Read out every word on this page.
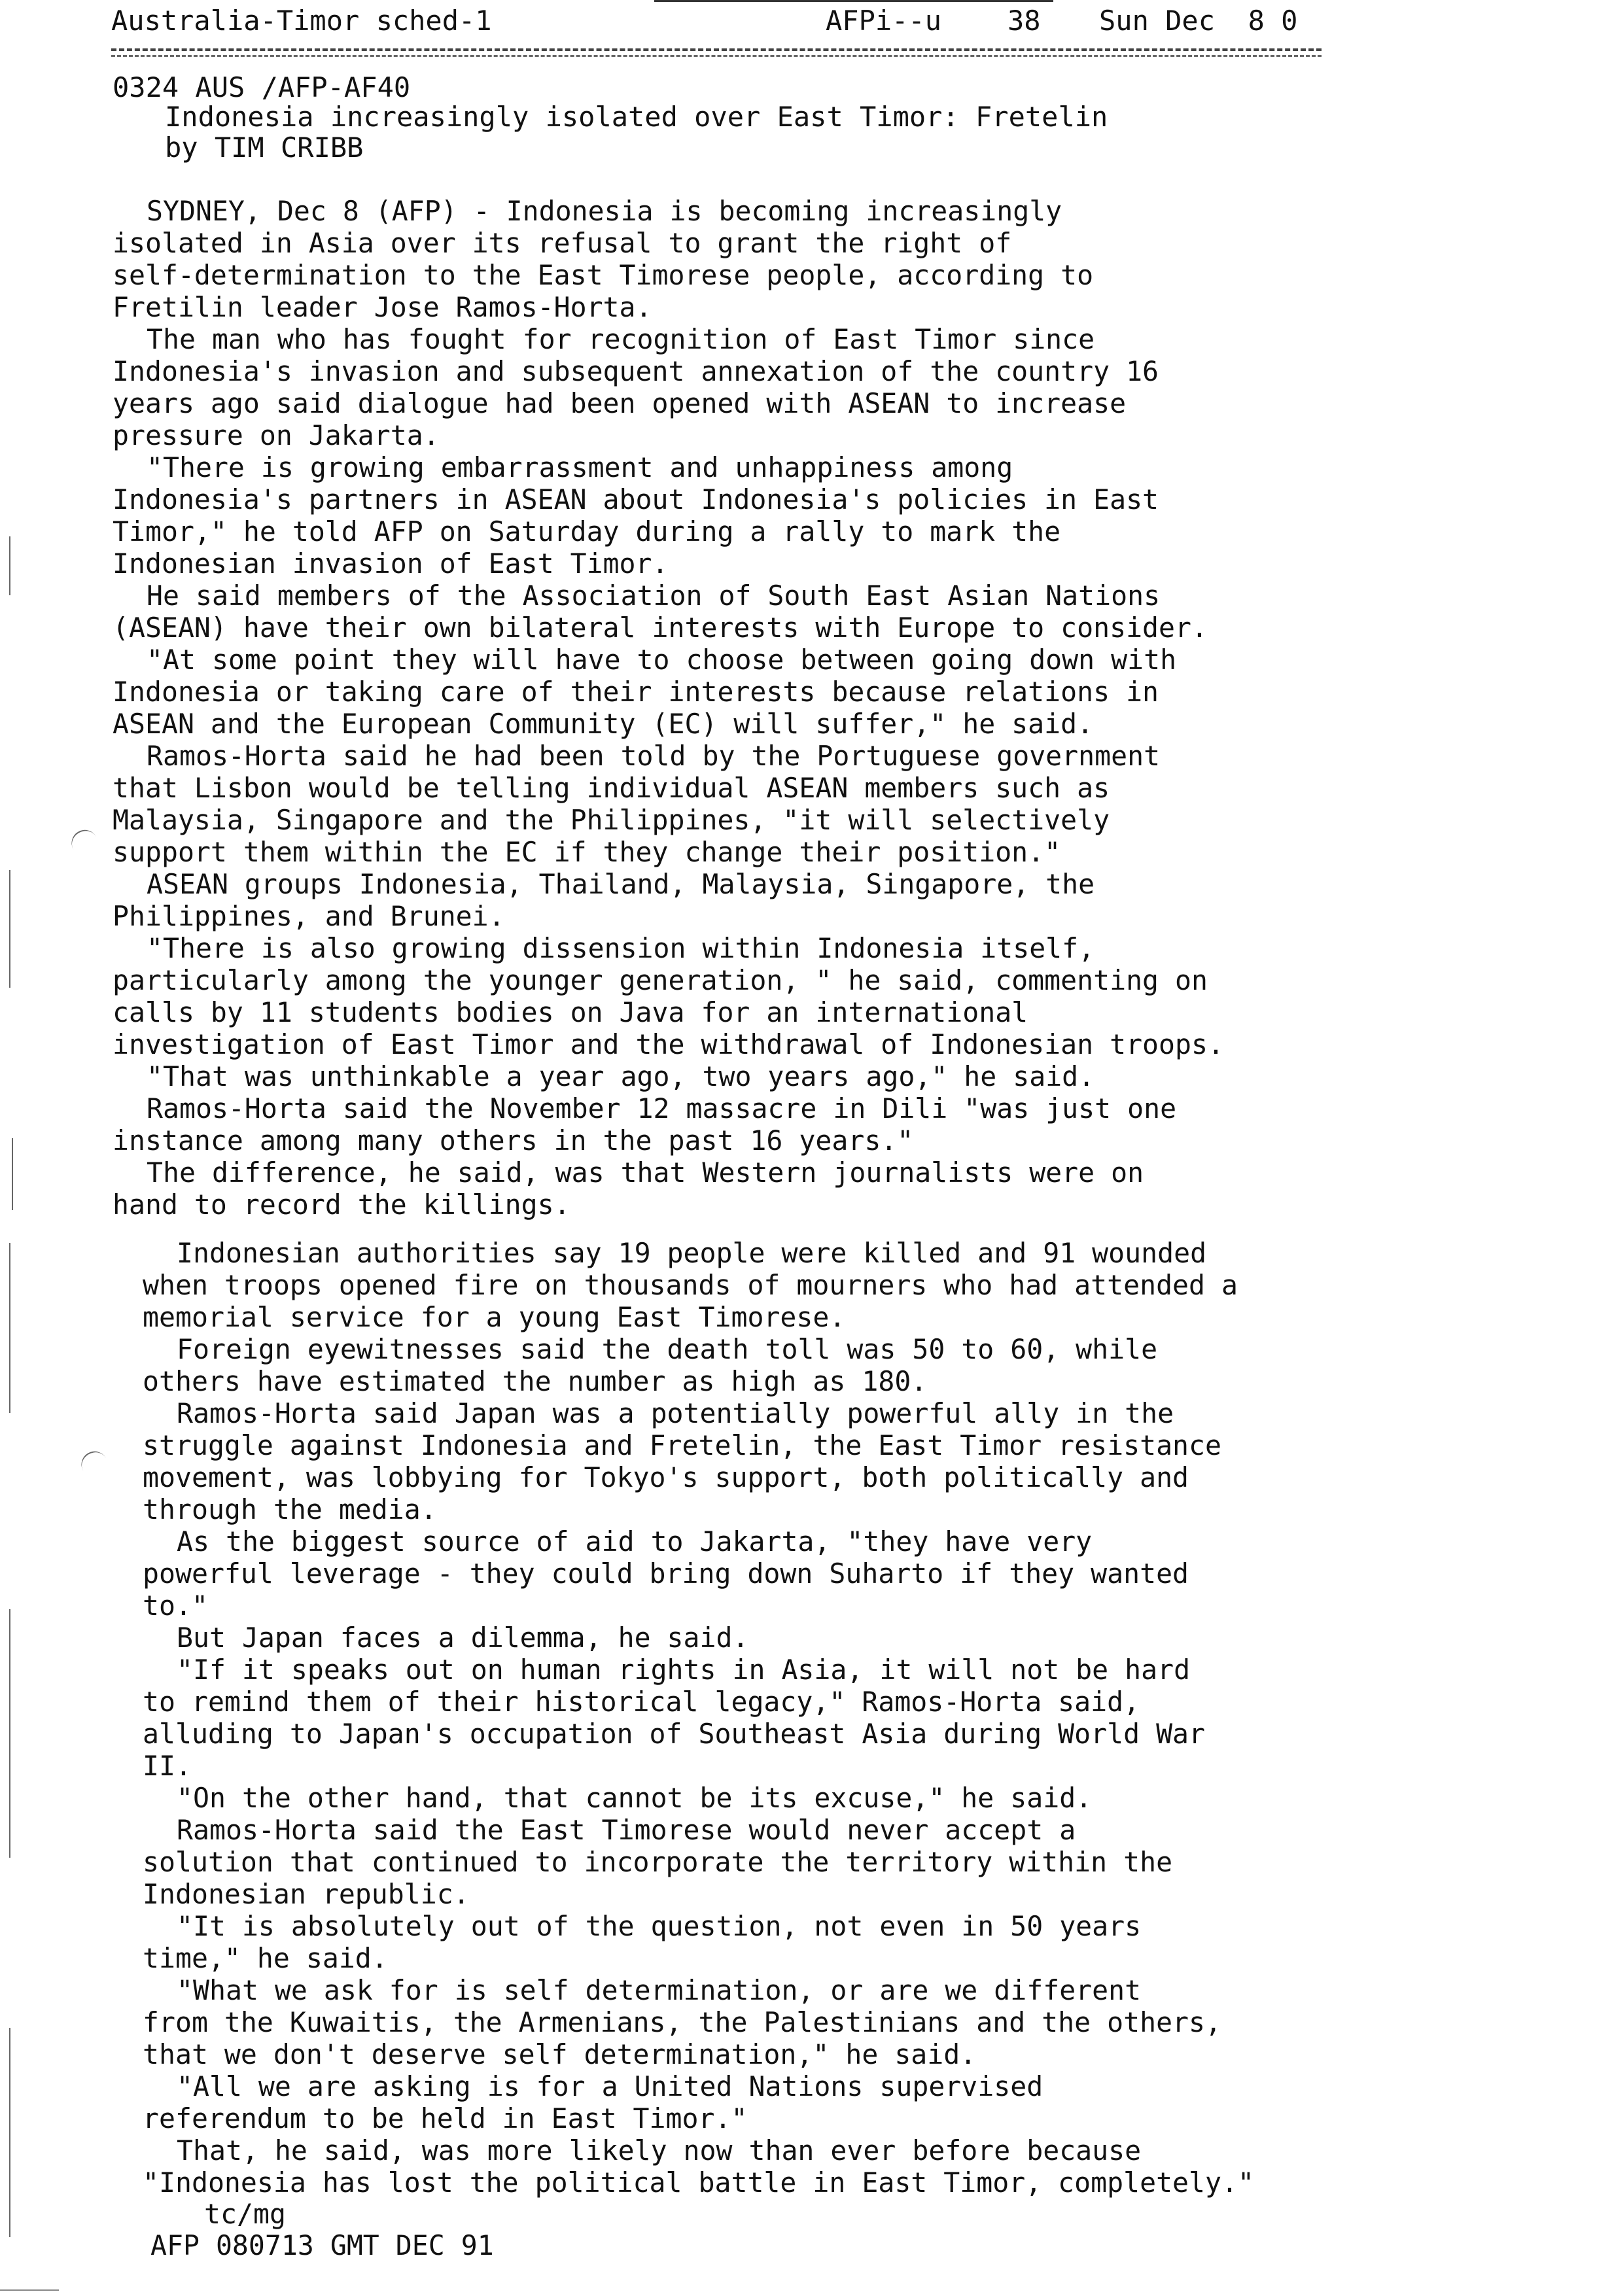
Australia-Timor sched-1	AFPi--u 38 Sun Dec  8 0
0324 AUS /AFP-AF40
Indonesia increasingly isolated over East Timor: Fretelin
by TIM CRIBB
SYDNEY, Dec 8 (AFP) - Indonesia is becoming increasingly
isolated in Asia over its refusal to grant the right of
self-determination to the East Timorese people, according to
Fretilin leader Jose Ramos-Horta.
The man who has fought for recognition of East Timor since
Indonesia's invasion and subsequent annexation of the country 16
years ago said dialogue had been opened with ASEAN to increase
pressure on Jakarta.
"There is growing embarrassment and unhappiness among
Indonesia's partners in ASEAN about Indonesia's policies in East
Timor," he told AFP on Saturday during a rally to mark the
Indonesian invasion of East Timor.
He said members of the Association of South East Asian Nations
(ASEAN) have their own bilateral interests with Europe to consider.
"At some point they will have to choose between going down with
Indonesia or taking care of their interests because relations in
ASEAN and the European Community (EC) will suffer," he said.
Ramos-Horta said he had been told by the Portuguese government
that Lisbon would be telling individual ASEAN members such as
Malaysia, Singapore and the Philippines, "it will selectively
support them within the EC if they change their position."
ASEAN groups Indonesia, Thailand, Malaysia, Singapore, the
Philippines, and Brunei.
"There is also growing dissension within Indonesia itself,
particularly among the younger generation, " he said, commenting on
calls by 11 students bodies on Java for an international
investigation of East Timor and the withdrawal of Indonesian troops.
"That was unthinkable a year ago, two years ago," he said.
Ramos-Horta said the November 12 massacre in Dili "was just one
instance among many others in the past 16 years."
The difference, he said, was that Western journalists were on
hand to record the killings.
Indonesian authorities say 19 people were killed and 91 wounded
when troops opened fire on thousands of mourners who had attended a
memorial service for a young East Timorese.
Foreign eyewitnesses said the death toll was 50 to 60, while
others have estimated the number as high as 180.
Ramos-Horta said Japan was a potentially powerful ally in the
struggle against Indonesia and Fretelin, the East Timor resistance
movement, was lobbying for Tokyo's support, both politically and
through the media.
As the biggest source of aid to Jakarta, "they have very
powerful leverage - they could bring down Suharto if they wanted
to."
But Japan faces a dilemma, he said.
"If it speaks out on human rights in Asia, it will not be hard
to remind them of their historical legacy," Ramos-Horta said,
alluding to Japan's occupation of Southeast Asia during World War
II.
"On the other hand, that cannot be its excuse," he said.
Ramos-Horta said the East Timorese would never accept a
solution that continued to incorporate the territory within the
Indonesian republic.
"It is absolutely out of the question, not even in 50 years
time," he said.
"What we ask for is self determination, or are we different
from the Kuwaitis, the Armenians, the Palestinians and the others,
that we don't deserve self determination," he said.
"All we are asking is for a United Nations supervised
referendum to be held in East Timor."
That, he said, was more likely now than ever before because
"Indonesia has lost the political battle in East Timor, completely."
tc/mg
AFP 080713 GMT DEC 91
